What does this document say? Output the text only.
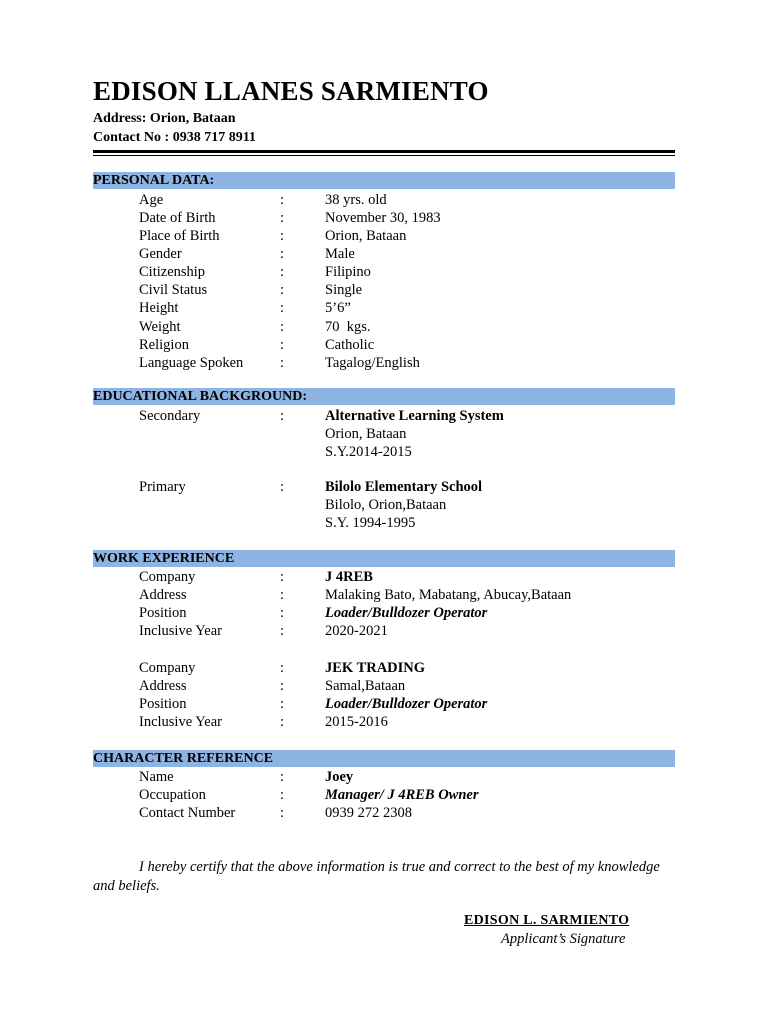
EDISON LLANES SARMIENTO
Address: Orion, Bataan
Contact No : 0938 717 8911
PERSONAL DATA:
Age	:	38 yrs. old
Date of Birth	:	November 30, 1983
Place of Birth	:	Orion, Bataan
Gender	:	Male
Citizenship	:	Filipino
Civil Status	:	Single
Height	:	5’6”
Weight	:	70  kgs.
Religion	:	Catholic
Language Spoken	:	Tagalog/English
EDUCATIONAL BACKGROUND:
Secondary	:	Alternative Learning System
Orion, Bataan
S.Y.2014-2015
Primary	:	Bilolo Elementary School
Bilolo, Orion,Bataan
S.Y. 1994-1995
WORK EXPERIENCE
Company	:	J 4REB
Address	:	Malaking Bato, Mabatang, Abucay,Bataan
Position	:	Loader/Bulldozer Operator
Inclusive Year	:	2020-2021
Company	:	JEK TRADING
Address	:	Samal,Bataan
Position	:	Loader/Bulldozer Operator
Inclusive Year	:	2015-2016
CHARACTER REFERENCE
Name	:	Joey
Occupation	:	Manager/ J 4REB Owner
Contact Number	:	0939 272 2308
I hereby certify that the above information is true and correct to the best of my knowledge and beliefs.
EDISON L. SARMIENTO
Applicant’s Signature
